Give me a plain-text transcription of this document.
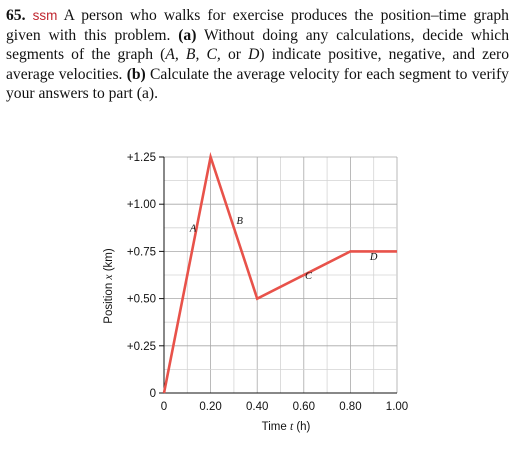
65. ssm A person who walks for exercise produces the position–time graph given with this problem. (a) Without doing any calculations, decide which segments of the graph (A, B, C, or D) indicate positive, negative, and zero average velocities. (b) Calculate the average velocity for each segment to verify your answers to part (a).

0	0.20 0.40 0.60 0.80 1.00
0
+0.25
+0.50
+0.75
+1.00
+1.25
A
B
C
D
Time t (h)
Position x (km)
